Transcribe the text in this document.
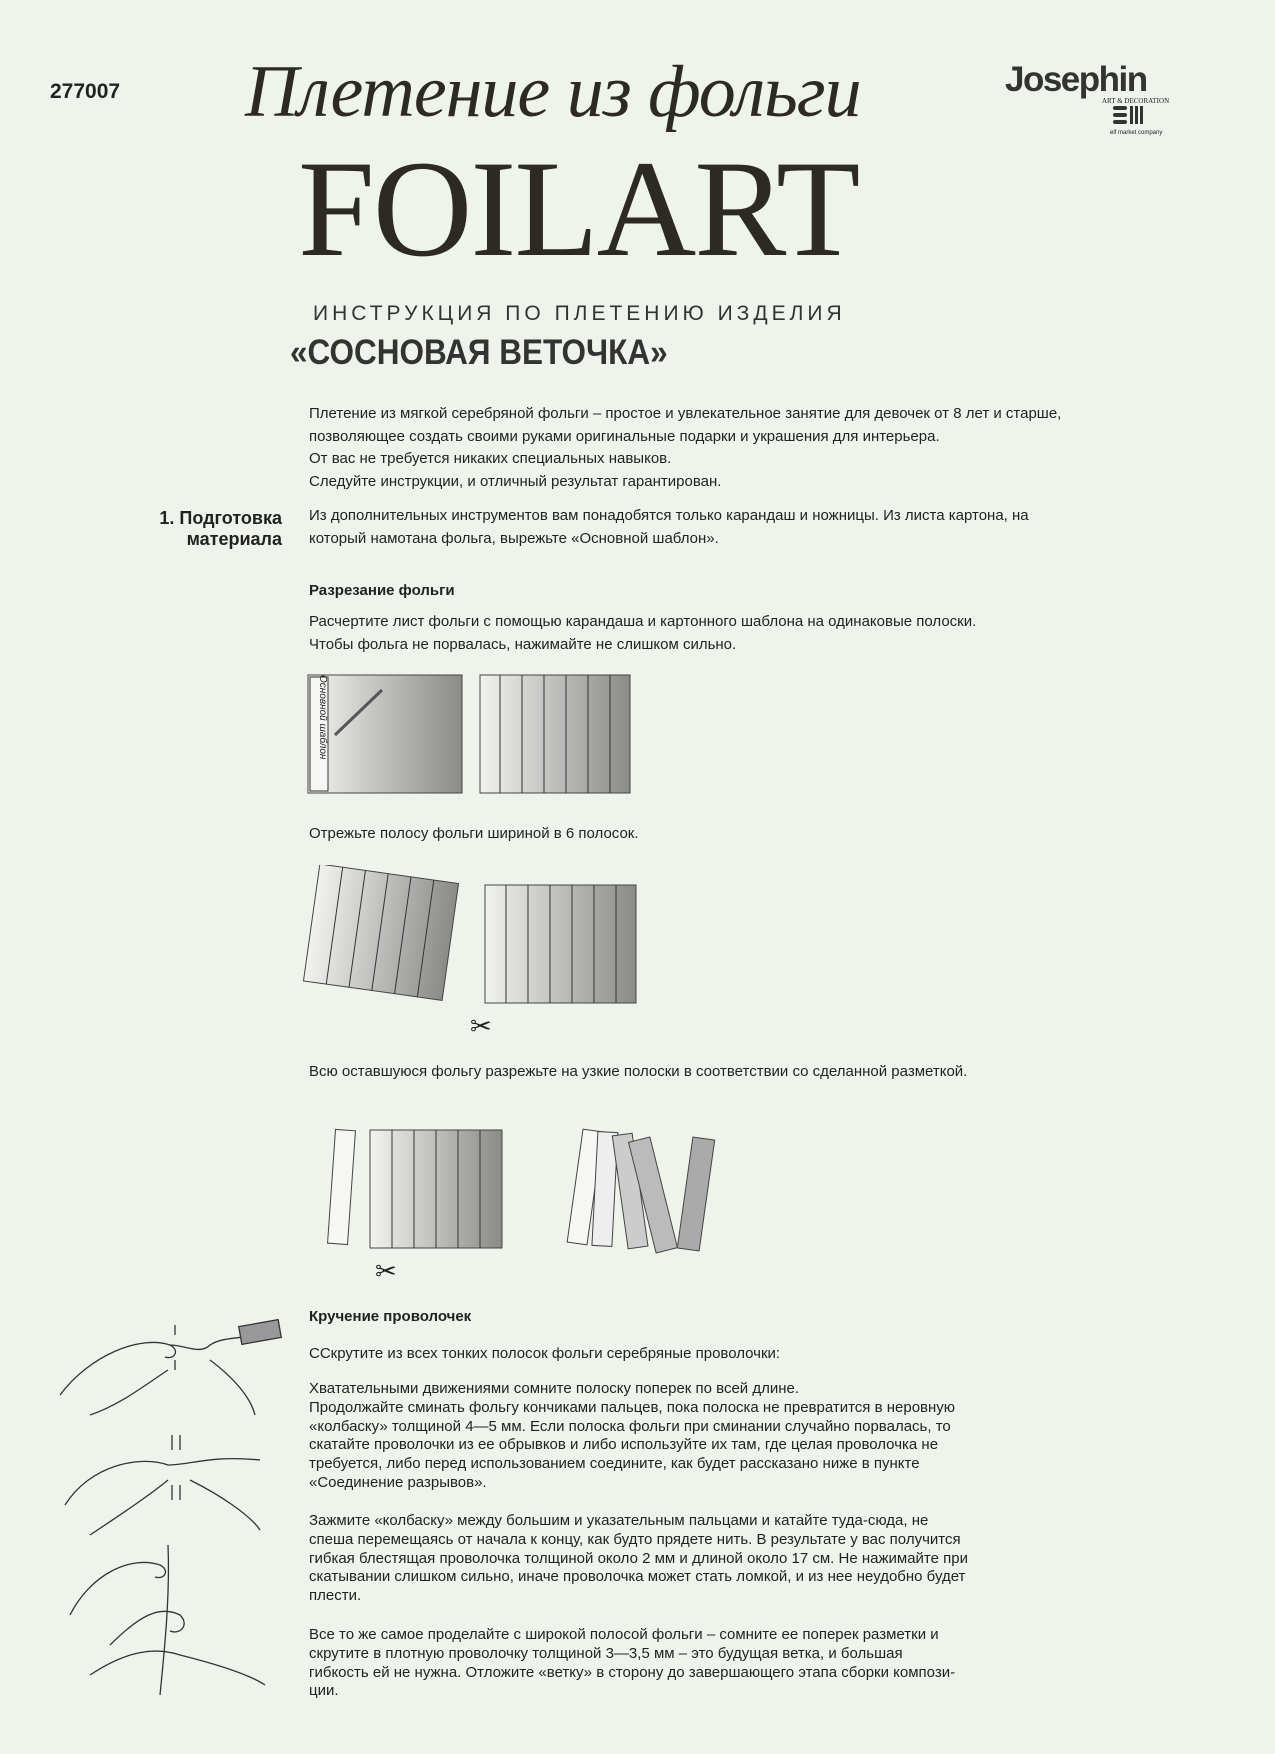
277007 Плетение из фольги
FOILART
Josephin
ART & DECORATION
elf market company
ИНСТРУКЦИЯ ПО ПЛЕТЕНИЮ ИЗДЕЛИЯ
«СОСНОВАЯ ВЕТОЧКА»
Плетение из мягкой серебряной фольги – простое и увлекательное занятие для девочек от 8 лет и старше,
позволяющее создать своими руками оригинальные подарки и украшения для интерьера.
От вас не требуется никаких специальных навыков.
Следуйте инструкции, и отличный результат гарантирован.
1. Подготовка
материала
Из дополнительных инструментов вам понадобятся только карандаш и ножницы. Из листа картона, на
который намотана фольга, вырежьте «Основной шаблон».
Разрезание фольги
Расчертите лист фольги с помощью карандаша и картонного шаблона на одинаковые полоски.
Чтобы фольга не порвалась, нажимайте не слишком сильно.
Основной шаблон
Отрежьте полосу фольги шириной в 6 полосок.
✂
Всю оставшуюся фольгу разрежьте на узкие полоски в соответствии со сделанной разметкой.
✂
Кручение проволочек
ССкрутите из всех тонких полосок фольги серебряные проволочки:
Хватательными движениями сомните полоску поперек по всей длине.
Продолжайте сминать фольгу кончиками пальцев, пока полоска не превратится в неровную
«колбаску» толщиной 4—5 мм. Если полоска фольги при сминании случайно порвалась, то
скатайте проволочки из ее обрывков и либо используйте их там, где целая проволочка не
требуется, либо перед использованием соедините, как будет рассказано ниже в пункте
«Соединение разрывов».
Зажмите «колбаску» между большим и указательным пальцами и катайте туда-сюда, не
спеша перемещаясь от начала к концу, как будто прядете нить. В результате у вас получится
гибкая блестящая проволочка толщиной около 2 мм и длиной около 17 см. Не нажимайте при
скатывании слишком сильно, иначе проволочка может стать ломкой, и из нее неудобно будет
плести.
Все то же самое проделайте с широкой полосой фольги – сомните ее поперек разметки и
скрутите в плотную проволочку толщиной 3—3,5 мм – это будущая ветка, и большая
гибкость ей не нужна. Отложите «ветку» в сторону до завершающего этапа сборки компози-
ции.
